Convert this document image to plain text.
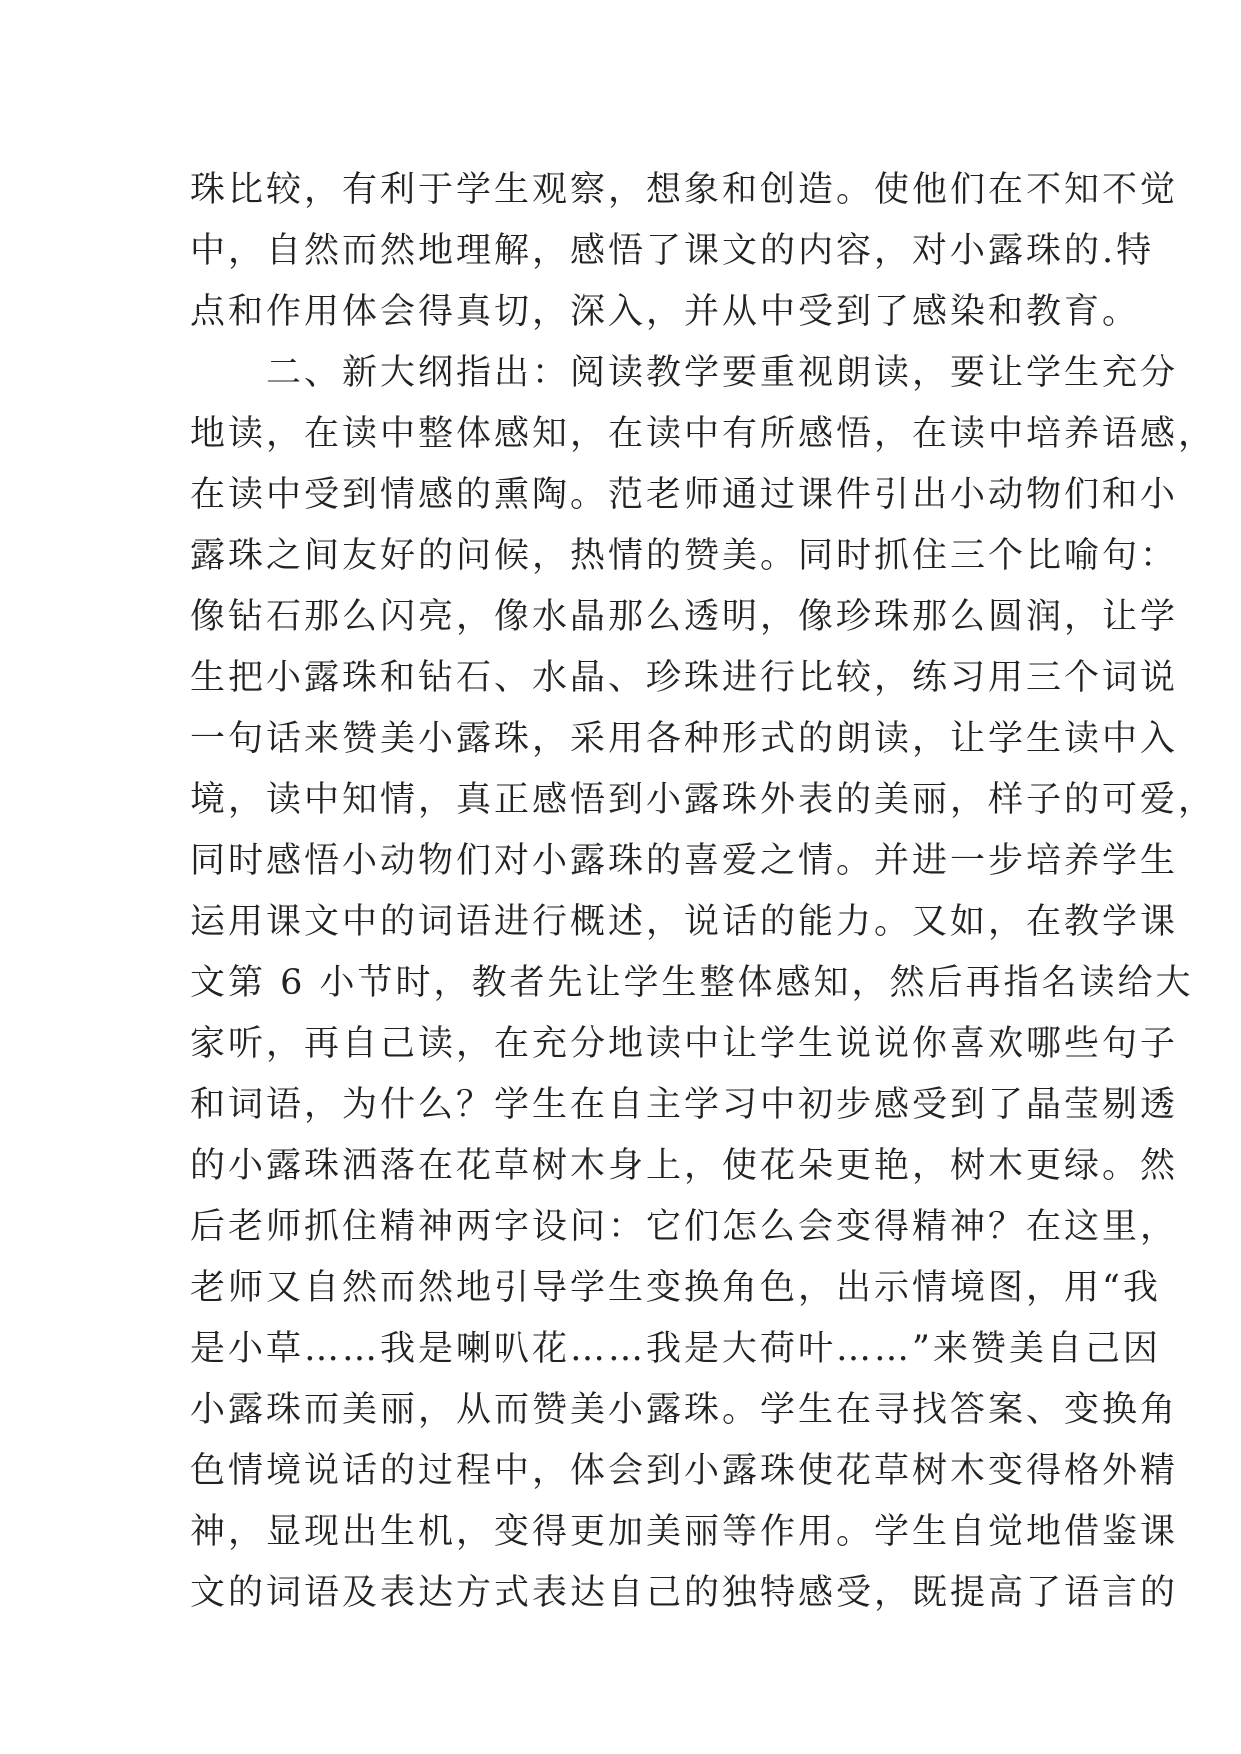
珠比较，有利于学生观察，想象和创造。使他们在不知不觉
中，自然而然地理解，感悟了课文的内容，对小露珠的.特
点和作用体会得真切，深入，并从中受到了感染和教育。
　　二、新大纲指出：阅读教学要重视朗读，要让学生充分
地读，在读中整体感知，在读中有所感悟，在读中培养语感，
在读中受到情感的熏陶。范老师通过课件引出小动物们和小
露珠之间友好的问候，热情的赞美。同时抓住三个比喻句：
像钻石那么闪亮，像水晶那么透明，像珍珠那么圆润，让学
生把小露珠和钻石、水晶、珍珠进行比较，练习用三个词说
一句话来赞美小露珠，采用各种形式的朗读，让学生读中入
境，读中知情，真正感悟到小露珠外表的美丽，样子的可爱，
同时感悟小动物们对小露珠的喜爱之情。并进一步培养学生
运用课文中的词语进行概述，说话的能力。又如，在教学课
文第 6 小节时，教者先让学生整体感知，然后再指名读给大
家听，再自己读，在充分地读中让学生说说你喜欢哪些句子
和词语，为什么？学生在自主学习中初步感受到了晶莹剔透
的小露珠洒落在花草树木身上，使花朵更艳，树木更绿。然
后老师抓住精神两字设问：它们怎么会变得精神？在这里，
老师又自然而然地引导学生变换角色，出示情境图，用“我
是小草……我是喇叭花……我是大荷叶……”来赞美自己因
小露珠而美丽，从而赞美小露珠。学生在寻找答案、变换角
色情境说话的过程中，体会到小露珠使花草树木变得格外精
神，显现出生机，变得更加美丽等作用。学生自觉地借鉴课
文的词语及表达方式表达自己的独特感受，既提高了语言的
